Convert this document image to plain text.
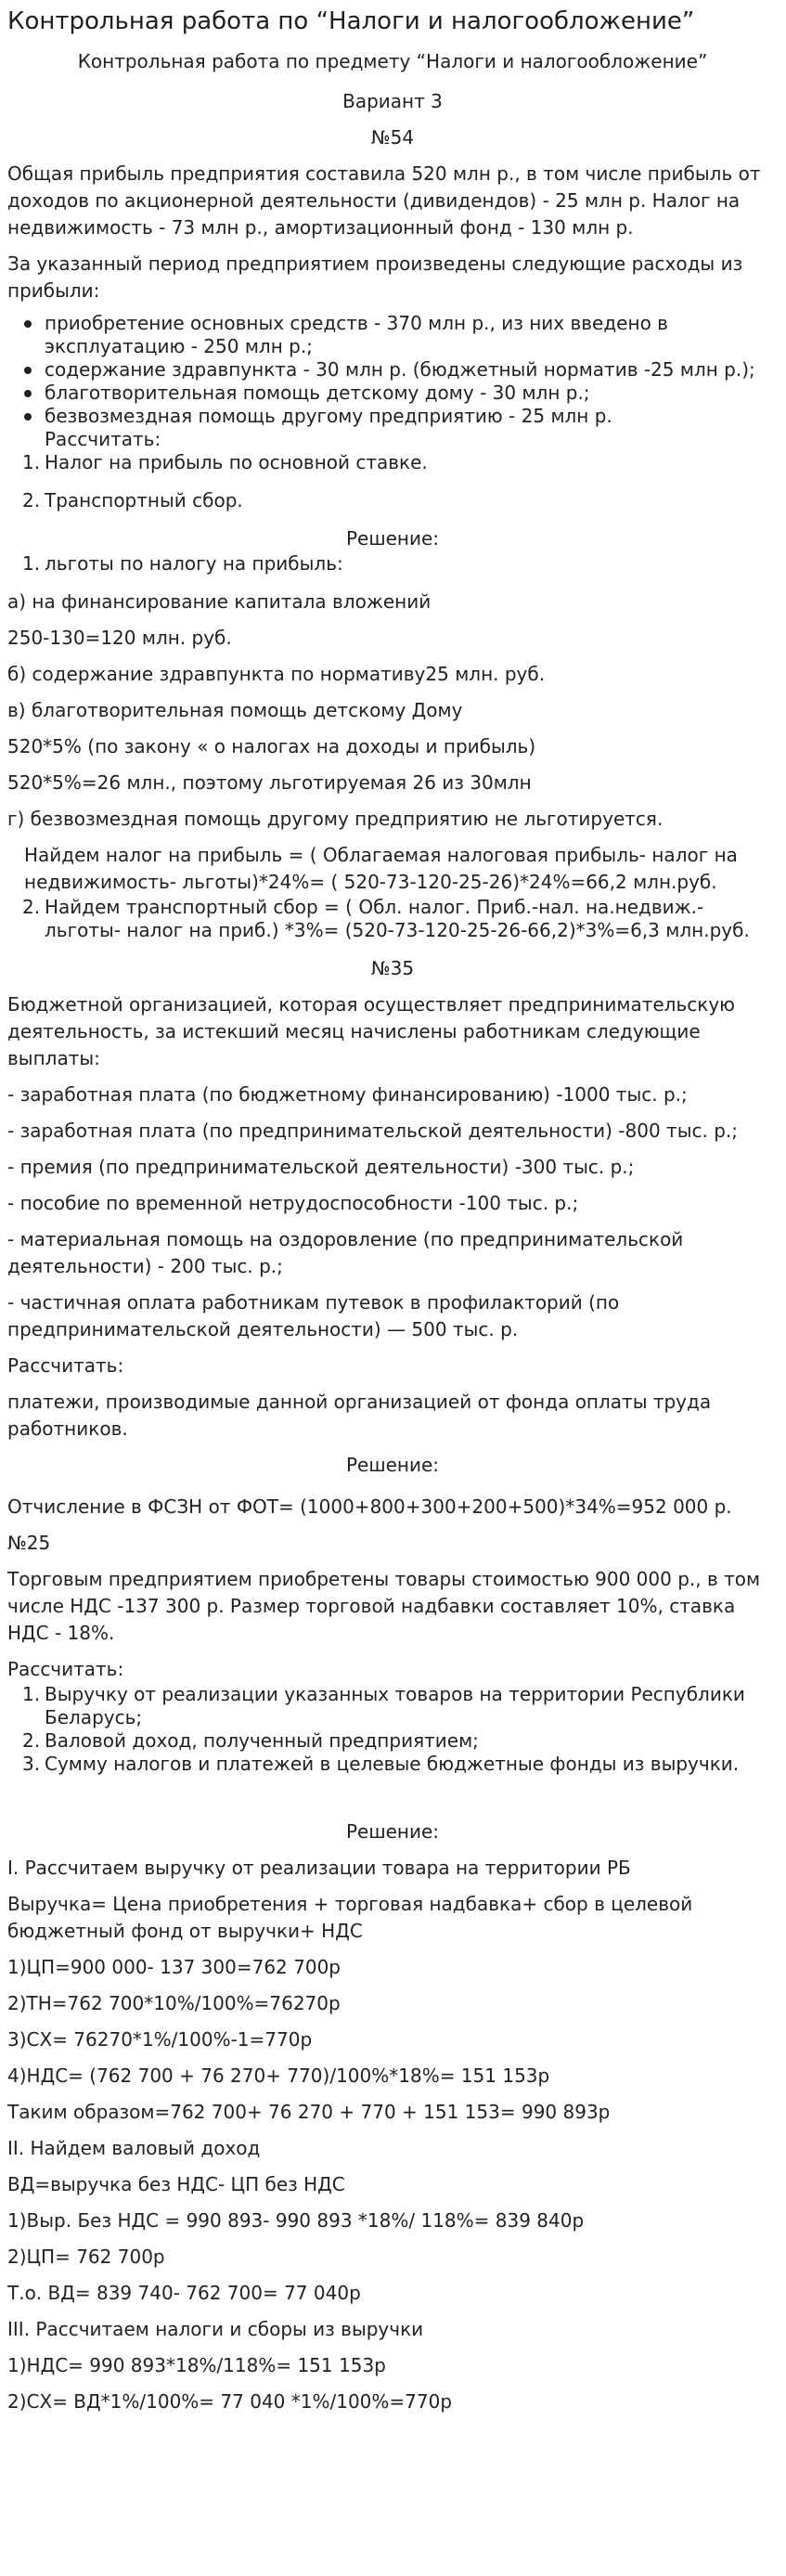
Контрольная работа по “Налоги и налогообложение”

Контрольная работа по предмету “Налоги и налогообложение”

Вариант 3

№54

Общая прибыль предприятия составила 520 млн р., в том числе прибыль от доходов по акционерной деятельности (дивидендов) - 25 млн р. Налог на недвижимость - 73 млн р., амортизационный фонд - 130 млн р.

За указанный период предприятием произведены следующие расходы из прибыли:

приобретение основных средств - 370 млн р., из них введено в эксплуатацию - 250 млн р.;
содержание здравпункта - 30 млн р. (бюджетный норматив -25 млн р.);
благотворительная помощь детскому дому - 30 млн р.;
безвозмездная помощь другому предприятию - 25 млн р.

Рассчитать:

1. Налог на прибыль по основной ставке.
2. Транспортный сбор.

Решение:

1. льготы по налогу на прибыль:

а) на финансирование капитала вложений

250-130=120 млн. руб.

б) содержание здравпункта по нормативу25 млн. руб.

в) благотворительная помощь детскому Дому

520*5% (по закону « о налогах на доходы и прибыль)

520*5%=26 млн., поэтому льготируемая 26 из 30млн

г) безвозмездная помощь другому предприятию не льготируется.

Найдем налог на прибыль = ( Облагаемая налоговая прибыль- налог на недвижимость- льготы)*24%= ( 520-73-120-25-26)*24%=66,2 млн.руб.

2. Найдем транспортный сбор = ( Обл. налог. Приб.-нал. на.недвиж.- льготы- налог на приб.) *3%= (520-73-120-25-26-66,2)*3%=6,3 млн.руб.

№35

Бюджетной организацией, которая осуществляет предпринимательскую деятельность, за истекший месяц начислены работникам следующие выплаты:

- заработная плата (по бюджетному финансированию) -1000 тыс. р.;

- заработная плата (по предпринимательской деятельности) -800 тыс. р.;

- премия (по предпринимательской деятельности) -300 тыс. р.;

- пособие по временной нетрудоспособности -100 тыс. р.;

- материальная помощь на оздоровление (по предпринимательской деятельности) - 200 тыс. р.;

- частичная оплата работникам путевок в профилакторий (по предпринимательской деятельности) — 500 тыс. р.

Рассчитать:

платежи, производимые данной организацией от фонда оплаты труда работников.

Решение:

Отчисление в ФСЗН от ФОТ= (1000+800+300+200+500)*34%=952 000 р.

№25

Торговым предприятием приобретены товары стоимостью 900 000 р., в том числе НДС -137 300 р. Размер торговой надбавки составляет 10%, ставка НДС - 18%.

Рассчитать:

1. Выручку от реализации указанных товаров на территории Республики Беларусь;
2. Валовой доход, полученный предприятием;
3. Сумму налогов и платежей в целевые бюджетные фонды из выручки.

Решение:

I. Рассчитаем выручку от реализации товара на территории РБ

Выручка= Цена приобретения + торговая надбавка+ сбор в целевой бюджетный фонд от выручки+ НДС

1)ЦП=900 000- 137 300=762 700р

2)ТН=762 700*10%/100%=76270р

3)СХ= 76270*1%/100%-1=770р

4)НДС= (762 700 + 76 270+ 770)/100%*18%= 151 153р

Таким образом=762 700+ 76 270 + 770 + 151 153= 990 893р

II. Найдем валовый доход

ВД=выручка без НДС- ЦП без НДС

1)Выр. Без НДС = 990 893- 990 893 *18%/ 118%= 839 840р

2)ЦП= 762 700р

Т.о. ВД= 839 740- 762 700= 77 040р

III. Рассчитаем налоги и сборы из выручки

1)НДС= 990 893*18%/118%= 151 153р

2)СХ= ВД*1%/100%= 77 040 *1%/100%=770р
